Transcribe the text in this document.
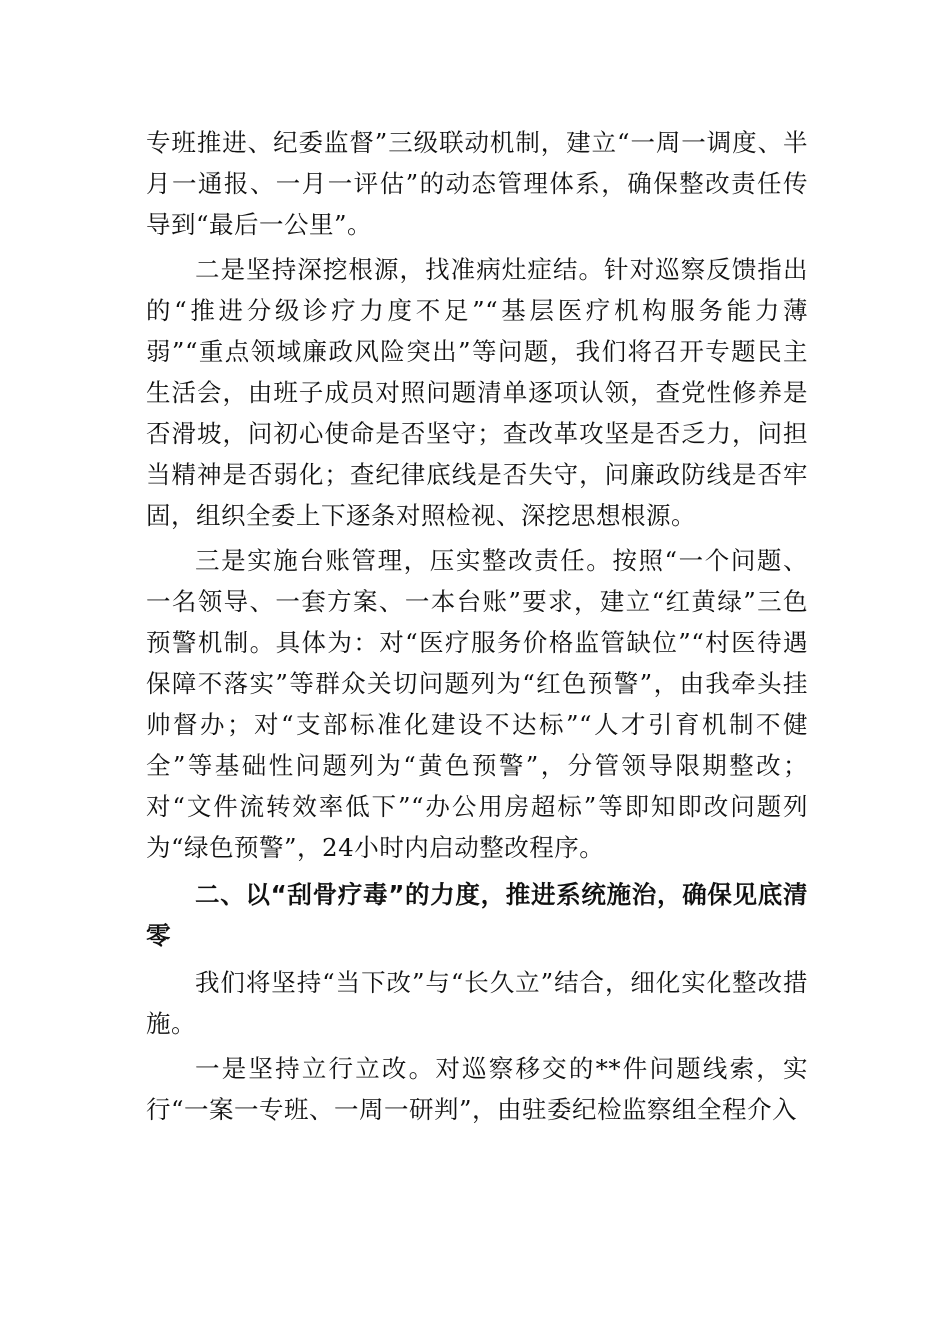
专班推进、纪委监督”三级联动机制，建立“一周一调度、半月一通报、一月一评估”的动态管理体系，确保整改责任传导到“最后一公里”。

二是坚持深挖根源，找准病灶症结。针对巡察反馈指出的“推进分级诊疗力度不足”“基层医疗机构服务能力薄弱”“重点领域廉政风险突出”等问题，我们将召开专题民主生活会，由班子成员对照问题清单逐项认领，查党性修养是否滑坡，问初心使命是否坚守；查改革攻坚是否乏力，问担当精神是否弱化；查纪律底线是否失守，问廉政防线是否牢固，组织全委上下逐条对照检视、深挖思想根源。

三是实施台账管理，压实整改责任。按照“一个问题、一名领导、一套方案、一本台账”要求，建立“红黄绿”三色预警机制。具体为：对“医疗服务价格监管缺位”“村医待遇保障不落实”等群众关切问题列为“红色预警”，由我牵头挂帅督办；对“支部标准化建设不达标”“人才引育机制不健全”等基础性问题列为“黄色预警”，分管领导限期整改；对“文件流转效率低下”“办公用房超标”等即知即改问题列为“绿色预警”，24小时内启动整改程序。

二、以“刮骨疗毒”的力度，推进系统施治，确保见底清零

我们将坚持“当下改”与“长久立”结合，细化实化整改措施。

一是坚持立行立改。对巡察移交的**件问题线索，实行“一案一专班、一周一研判”，由驻委纪检监察组全程介入
